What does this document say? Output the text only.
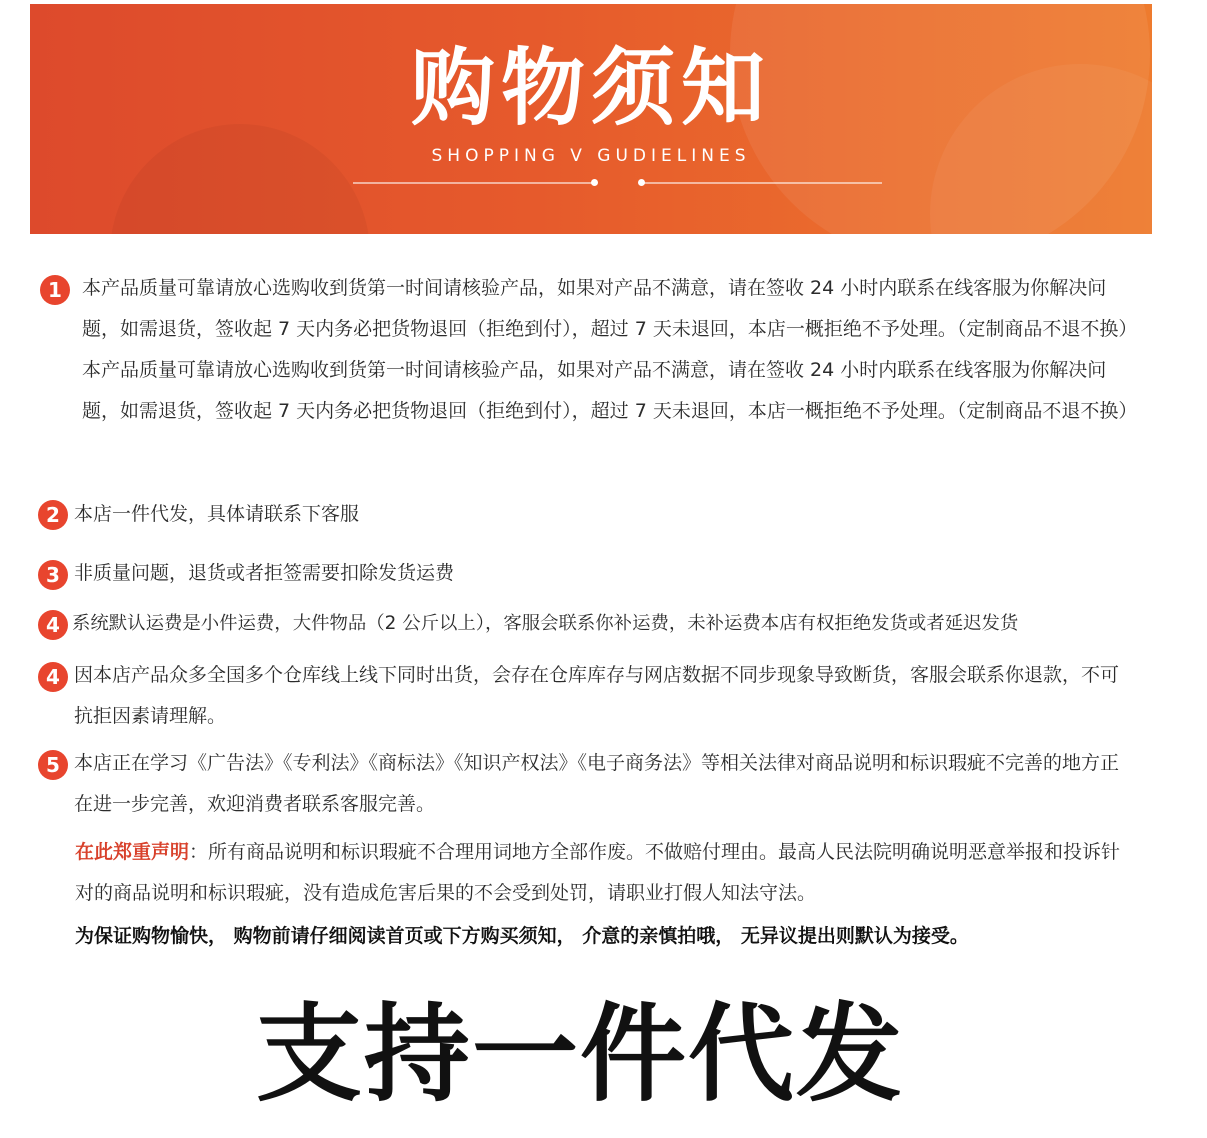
购物须知
SHOPPING V GUDIELINES
1	本产品质量可靠请放心选购收到货第一时间请核验产品，如果对产品不满意，请在签收 24 小时内联系在线客服为你解决问题，如需退货，签收起 7 天内务必把货物退回（拒绝到付），超过 7 天未退回，本店一概拒绝不予处理。（定制商品不退不换）本产品质量可靠请放心选购收到货第一时间请核验产品，如果对产品不满意，请在签收 24 小时内联系在线客服为你解决问题，如需退货，签收起 7 天内务必把货物退回（拒绝到付），超过 7 天未退回，本店一概拒绝不予处理。（定制商品不退不换）
2 本店一件代发，具体请联系下客服
3 非质量问题，退货或者拒签需要扣除发货运费
4 系统默认运费是小件运费，大件物品（2 公斤以上），客服会联系你补运费，未补运费本店有权拒绝发货或者延迟发货
4 因本店产品众多全国多个仓库线上线下同时出货，会存在仓库库存与网店数据不同步现象导致断货，客服会联系你退款，不可抗拒因素请理解。
5 本店正在学习《广告法》《专利法》《商标法》《知识产权法》《电子商务法》等相关法律对商品说明和标识瑕疵不完善的地方正在进一步完善，欢迎消费者联系客服完善。
在此郑重声明：所有商品说明和标识瑕疵不合理用词地方全部作废。不做赔付理由。最高人民法院明确说明恶意举报和投诉针对的商品说明和标识瑕疵，没有造成危害后果的不会受到处罚，请职业打假人知法守法。
为保证购物愉快， 购物前请仔细阅读首页或下方购买须知， 介意的亲慎拍哦， 无异议提出则默认为接受。
支持一件代发
